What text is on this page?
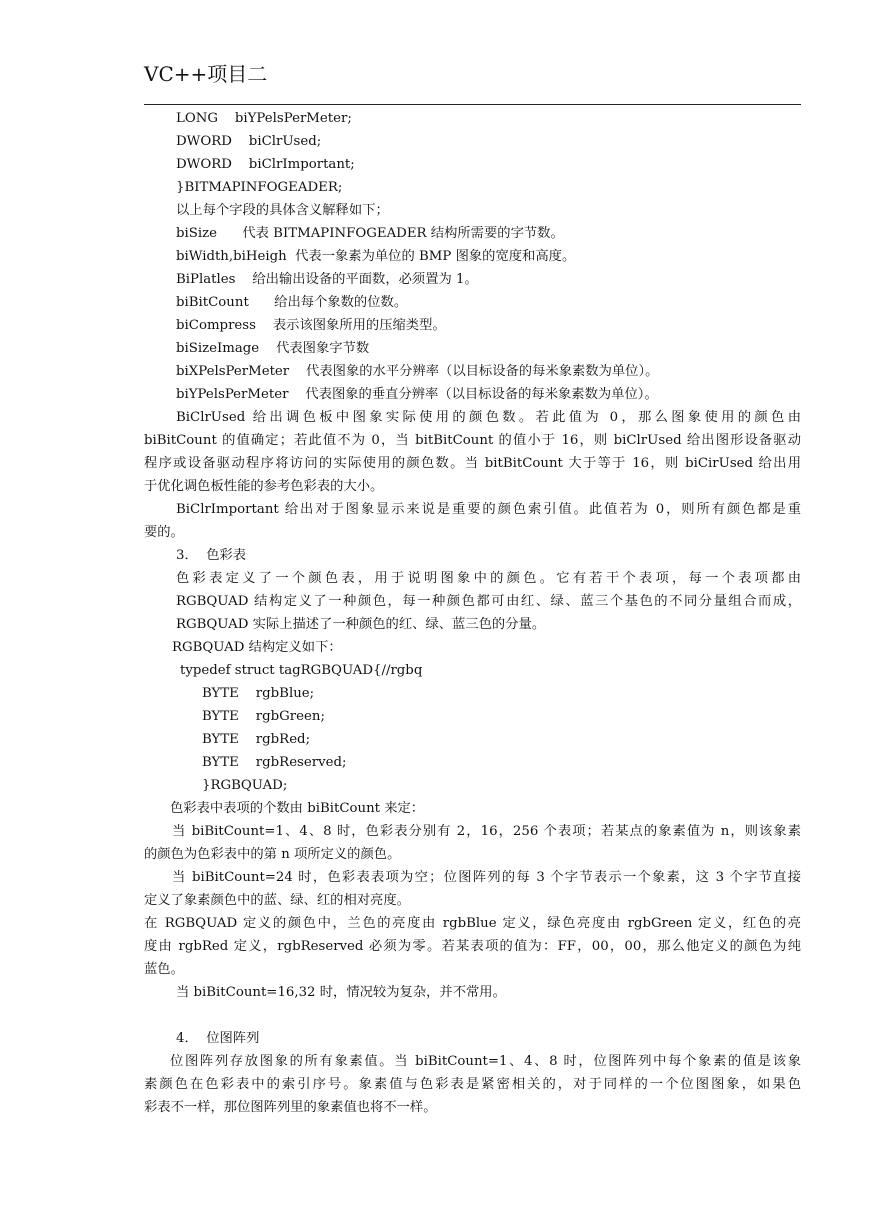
VC++项目二
LONG    biYPelsPerMeter;
DWORD    biClrUsed;
DWORD    biClrImportant;
}BITMAPINFOGEADER;
以上每个字段的具体含义解释如下；
biSize      代表 BITMAPINFOGEADER 结构所需要的字节数。
biWidth,biHeigh  代表一象素为单位的 BMP 图象的宽度和高度。
BiPlatles    给出输出设备的平面数，必须置为 1。
biBitCount      给出每个象数的位数。
biCompress    表示该图象所用的压缩类型。
biSizeImage    代表图象字节数
biXPelsPerMeter    代表图象的水平分辨率（以目标设备的每米象素数为单位）。
biYPelsPerMeter    代表图象的垂直分辨率（以目标设备的每米象素数为单位）。
BiClrUsed 给出调色板中图象实际使用的颜色数。若此值为 0，那么图象使用的颜色由
biBitCount 的值确定；若此值不为 0，当 bitBitCount 的值小于 16，则 biClrUsed 给出图形设备驱动
程序或设备驱动程序将访问的实际使用的颜色数。当 bitBitCount 大于等于 16，则 biCirUsed 给出用
于优化调色板性能的参考色彩表的大小。
BiClrImportant 给出对于图象显示来说是重要的颜色索引值。此值若为 0，则所有颜色都是重
要的。
3．  色彩表
色彩表定义了一个颜色表，用于说明图象中的颜色。它有若干个表项，每一个表项都由
RGBQUAD 结构定义了一种颜色，每一种颜色都可由红、绿、蓝三个基色的不同分量组合而成，
RGBQUAD 实际上描述了一种颜色的红、绿、蓝三色的分量。
RGBQUAD 结构定义如下：
typedef struct tagRGBQUAD{//rgbq
BYTE    rgbBlue;
BYTE    rgbGreen;
BYTE    rgbRed;
BYTE    rgbReserved;
}RGBQUAD;
色彩表中表项的个数由 biBitCount 来定：
当 biBitCount=1、4、8 时，色彩表分别有 2，16，256 个表项；若某点的象素值为 n，则该象素
的颜色为色彩表中的第 n 项所定义的颜色。
当 biBitCount=24 时，色彩表表项为空；位图阵列的每 3 个字节表示一个象素，这 3 个字节直接
定义了象素颜色中的蓝、绿、红的相对亮度。
在 RGBQUAD 定义的颜色中，兰色的亮度由 rgbBlue 定义，绿色亮度由 rgbGreen 定义，红色的亮
度由 rgbRed 定义，rgbReserved 必须为零。若某表项的值为：FF，00，00，那么他定义的颜色为纯
蓝色。
当 biBitCount=16,32 时，情况较为复杂，并不常用。
4．  位图阵列
位图阵列存放图象的所有象素值。当 biBitCount=1、4、8 时，位图阵列中每个象素的值是该象
素颜色在色彩表中的索引序号。象素值与色彩表是紧密相关的，对于同样的一个位图图象，如果色
彩表不一样，那位图阵列里的象素值也将不一样。
